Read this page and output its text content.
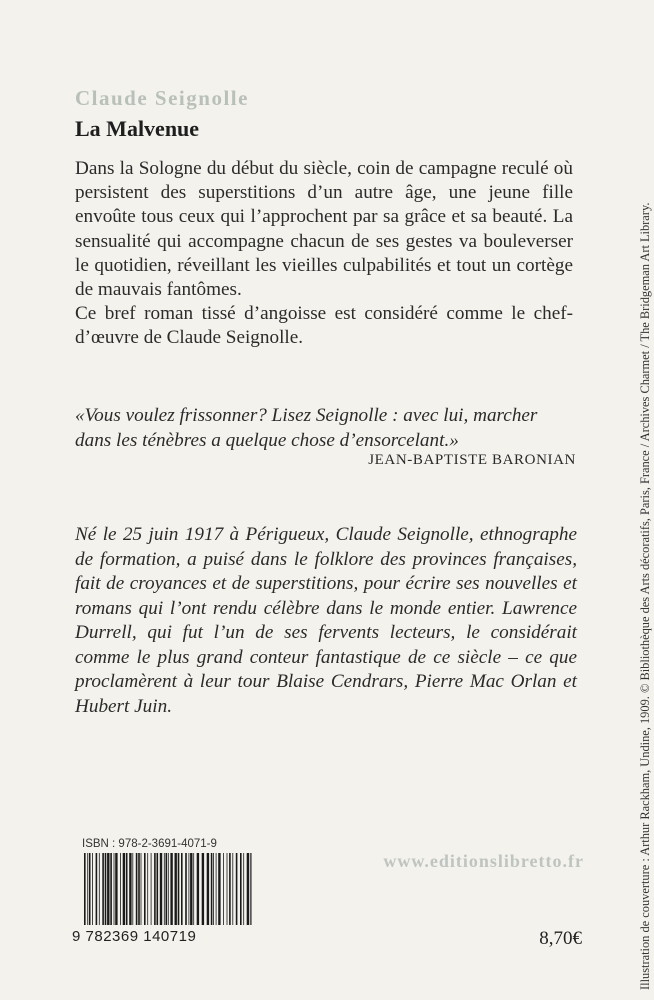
Claude Seignolle
La Malvenue

Dans la Sologne du début du siècle, coin de campagne reculé où persistent des superstitions d’un autre âge, une jeune fille envoûte tous ceux qui l’approchent par sa grâce et sa beauté. La sensualité qui accompagne chacun de ses gestes va bouleverser le quotidien, réveillant les vieilles culpabilités et tout un cortège de mauvais fantômes.

Ce bref roman tissé d’angoisse est considéré comme le chef-d’œuvre de Claude Seignolle.

«Vous voulez frissonner? Lisez Seignolle : avec lui, marcher dans les ténèbres a quelque chose d’ensorcelant.»

JEAN-BAPTISTE BARONIAN

Né le 25 juin 1917 à Périgueux, Claude Seignolle, ethnographe de formation, a puisé dans le folklore des provinces françaises, fait de croyances et de superstitions, pour écrire ses nouvelles et romans qui l’ont rendu célèbre dans le monde entier. Lawrence Durrell, qui fut l’un de ses fervents lecteurs, le considérait comme le plus grand conteur fantastique de ce siècle – ce que proclamèrent à leur tour Blaise Cendrars, Pierre Mac Orlan et Hubert Juin.

ISBN : 978-2-3691-4071-9
9 782369 140719
www.editionslibretto.fr
8,70€	Illustration de couverture : Arthur Rackham, Undine, 1909. © Bibliothèque des Arts décoratifs, Paris, France / Archives Charmet / The Bridgeman Art Library.
